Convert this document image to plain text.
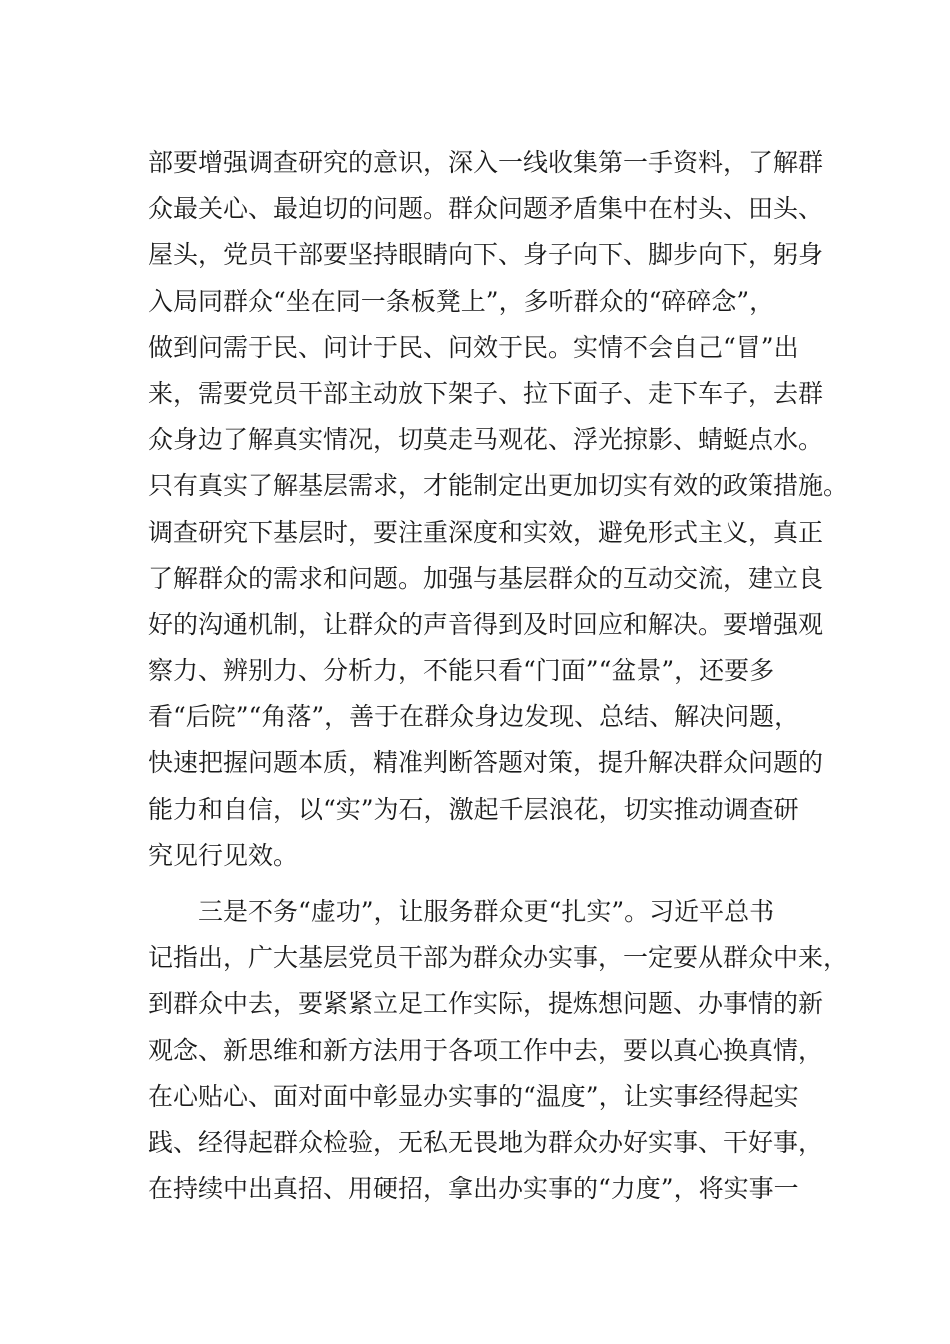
部要增强调查研究的意识，深入一线收集第一手资料，了解群
众最关心、最迫切的问题。群众问题矛盾集中在村头、田头、
屋头，党员干部要坚持眼睛向下、身子向下、脚步向下，躬身
入局同群众“坐在同一条板凳上”，多听群众的“碎碎念”，
做到问需于民、问计于民、问效于民。实情不会自己“冒”出
来，需要党员干部主动放下架子、拉下面子、走下车子，去群
众身边了解真实情况，切莫走马观花、浮光掠影、蜻蜓点水。
只有真实了解基层需求，才能制定出更加切实有效的政策措施。
调查研究下基层时，要注重深度和实效，避免形式主义，真正
了解群众的需求和问题。加强与基层群众的互动交流，建立良
好的沟通机制，让群众的声音得到及时回应和解决。要增强观
察力、辨别力、分析力，不能只看“门面”“盆景”，还要多
看“后院”“角落”，善于在群众身边发现、总结、解决问题，
快速把握问题本质，精准判断答题对策，提升解决群众问题的
能力和自信，以“实”为石，激起千层浪花，切实推动调查研
究见行见效。
三是不务“虚功”，让服务群众更“扎实”。习近平总书
记指出，广大基层党员干部为群众办实事，一定要从群众中来，
到群众中去，要紧紧立足工作实际，提炼想问题、办事情的新
观念、新思维和新方法用于各项工作中去，要以真心换真情，
在心贴心、面对面中彰显办实事的“温度”，让实事经得起实
践、经得起群众检验，无私无畏地为群众办好实事、干好事，
在持续中出真招、用硬招，拿出办实事的“力度”，将实事一
